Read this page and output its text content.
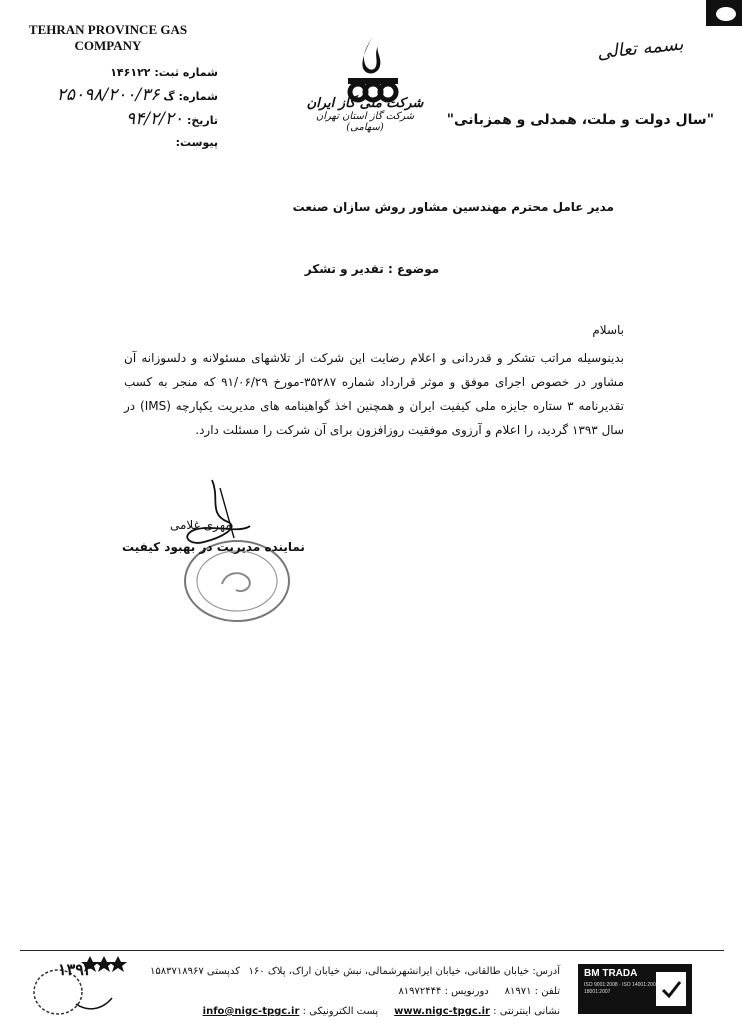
TEHRAN PROVINCE GAS
COMPANY
شماره ثبت: ۱۴۶۱۲۲
شماره: گ ۲۵۰۹۸/۲۰۰/۳۶
تاریخ: ۹۴/۲/۲۰
پیوست:
شرکت ملی گاز ایران
شرکت گاز استان تهران (سهامی)
بسمه تعالی
"سال دولت و ملت، همدلی و همزبانی"
مدیر عامل محترم مهندسین مشاور روش سازان صنعت
موضوع : تقدیر و تشکر
باسلام
بدینوسیله مراتب تشکر و قدردانی و اعلام رضایت این شرکت از تلاشهای مسئولانه و دلسوزانه آن
مشاور در خصوص اجرای موفق و موثر قرارداد شماره ۳۵۲۸۷-مورخ ۹۱/۰۶/۲۹ که منجر به کسب
تقدیرنامه ۳ ستاره جایزه ملی کیفیت ایران و همچنین اخذ گواهینامه های مدیریت یکپارچه (IMS) در
سال ۱۳۹۳ گردید، را اعلام و آرزوی موفقیت روزافزون برای آن شرکت را مسئلت دارد.
مهری غلامی
نماینده مدیریت در بهبود کیفیت
۱۳۹۳	آدرس: خیابان طالقانی، خیابان ایرانشهرشمالی، نبش خیابان اراک، پلاک ۱۶۰
کدپستی ۱۵۸۳۷۱۸۹۶۷
تلفن : ۸۱۹۷۱     دورنویس : ۸۱۹۷۲۴۴۴
نشانی اینترنتی : www.nigc-tpgc.ir     پست الکترونیکی : info@nigc-tpgc.ir
BM TRADA
ISO 9001:2008 · ISO 14001:2004 · OHSAS 18001:2007
